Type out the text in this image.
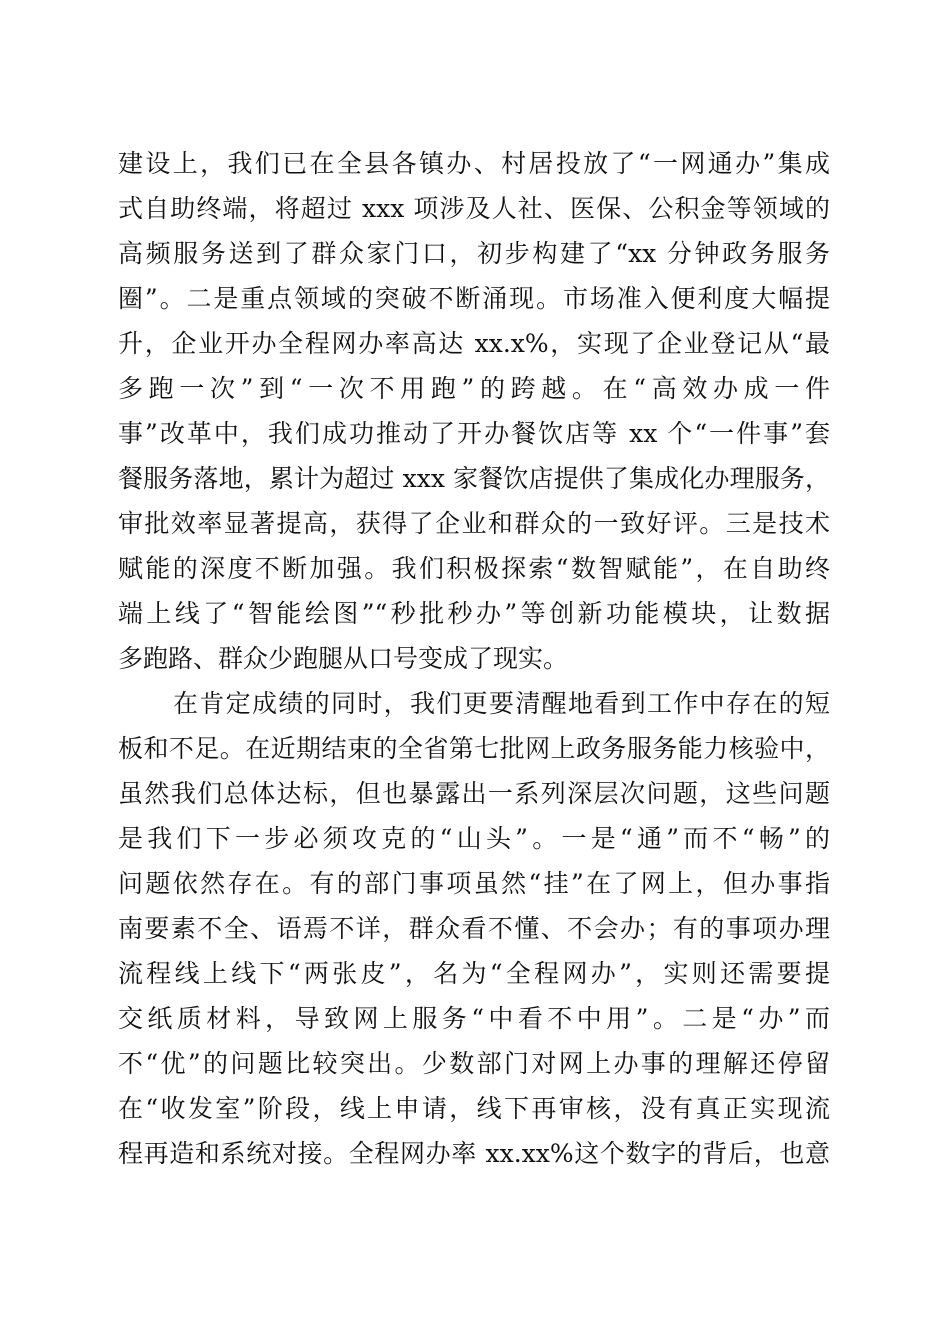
建设上，我们已在全县各镇办、村居投放了“一网通办”集成
式自助终端，将超过 xxx 项涉及人社、医保、公积金等领域的
高频服务送到了群众家门口，初步构建了“xx 分钟政务服务
圈”。二是重点领域的突破不断涌现。市场准入便利度大幅提
升，企业开办全程网办率高达 xx.x%，实现了企业登记从“最
多跑一次”到“一次不用跑”的跨越。在“高效办成一件
事”改革中，我们成功推动了开办餐饮店等 xx 个“一件事”套
餐服务落地，累计为超过 xxx 家餐饮店提供了集成化办理服务，
审批效率显著提高，获得了企业和群众的一致好评。三是技术
赋能的深度不断加强。我们积极探索“数智赋能”，在自助终
端上线了“智能绘图”“秒批秒办”等创新功能模块，让数据
多跑路、群众少跑腿从口号变成了现实。
在肯定成绩的同时，我们更要清醒地看到工作中存在的短
板和不足。在近期结束的全省第七批网上政务服务能力核验中，
虽然我们总体达标，但也暴露出一系列深层次问题，这些问题
是我们下一步必须攻克的“山头”。一是“通”而不“畅”的
问题依然存在。有的部门事项虽然“挂”在了网上，但办事指
南要素不全、语焉不详，群众看不懂、不会办；有的事项办理
流程线上线下“两张皮”，名为“全程网办”，实则还需要提
交纸质材料，导致网上服务“中看不中用”。二是“办”而
不“优”的问题比较突出。少数部门对网上办事的理解还停留
在“收发室”阶段，线上申请，线下再审核，没有真正实现流
程再造和系统对接。全程网办率 xx.xx%这个数字的背后，也意
